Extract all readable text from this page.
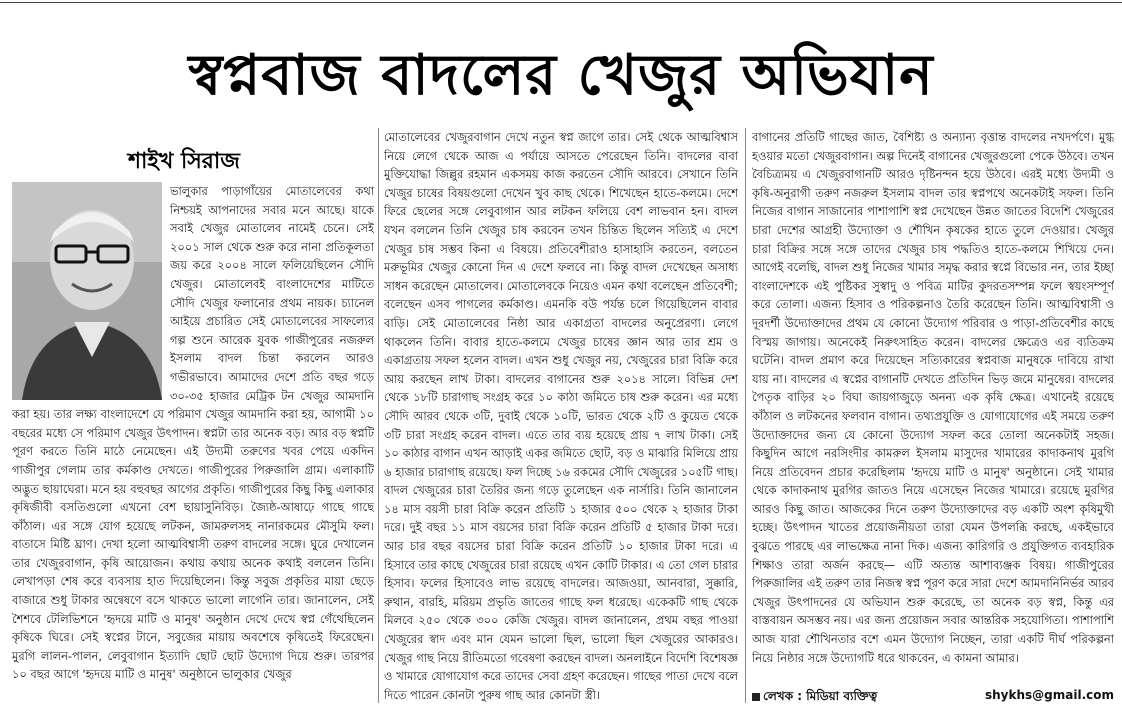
স্বপ্নবাজ বাদলের খেজুর অভিযান
শাইখ সিরাজ

ভালুকার পাড়াগাঁয়ের মোতালেবের কথা নিশ্চয়ই আপনাদের সবার মনে আছে। যাকে সবাই খেজুর মোতালেব নামেই চেনে। সেই ২০০১ সাল থেকে শুরু করে নানা প্রতিকূলতা জয় করে ২০০৪ সালে ফলিয়েছিলেন সৌদি খেজুর। মোতালেবই বাংলাদেশের মাটিতে সৌদি খেজুর ফলানোর প্রথম নায়ক। চ্যানেল আইয়ে প্রচারিত সেই মোতালেবের সাফল্যের গল্প শুনে আরেক যুবক গাজীপুরের নজরুল ইসলাম বাদল চিন্তা করলেন আরও গভীরভাবে। আমাদের দেশে প্রতি বছর গড়ে ৩০-৩৫ হাজার মেট্রিক টন খেজুর আমদানি করা হয়। তার লক্ষ্য বাংলাদেশে যে পরিমাণ খেজুর আমদানি করা হয়, আগামী ১০ বছরের মধ্যে সে পরিমাণ খেজুর উৎপাদন। স্বপ্নটা তার অনেক বড়। আর বড় স্বপ্নটি পূরণ করতে তিনি মাঠে নেমেছেন। এই উদ্যমী তরুণের খবর পেয়ে একদিন গাজীপুর গেলাম তার কর্মকাণ্ড দেখতে। গাজীপুরের পিরুজালি গ্রাম। এলাকাটি অদ্ভুত ছায়াঘেরা। মনে হয় বহুবছর আগের প্রকৃতি। গাজীপুরের কিছু কিছু এলাকার কৃষিজীবী বসতিগুলো এখনো বেশ ছায়াসুনিবিড়। জ্যৈষ্ঠ-আষাঢ়ে গাছে গাছে কাঁঠাল। এর সঙ্গে যোগ হয়েছে লটকন, জামরুলসহ নানারকমের মৌসুমি ফল। বাতাসে মিষ্টি ঘ্রাণ। দেখা হলো আত্মবিশ্বাসী তরুণ বাদলের সঙ্গে। ঘুরে দেখালেন তার খেজুরবাগান, কৃষি আয়োজন। কথায় কথায় অনেক কথাই বললেন তিনি। লেখাপড়া শেষ করে ব্যবসায় হাত দিয়েছিলেন। কিন্তু সবুজ প্রকৃতির মায়া ছেড়ে বাজারে শুধু টাকার অন্বেষণে বসে থাকতে ভালো লাগেনি তার। জানালেন, সেই শৈশবে টেলিভিশনে 'হৃদয়ে মাটি ও মানুষ' অনুষ্ঠান দেখে দেখে স্বপ্ন গেঁথেছিলেন কৃষিকে ঘিরে। সেই স্বপ্নের টানে, সবুজের মায়ায় অবশেষে কৃষিতেই ফিরেছেন। মুরগি লালন-পালন, লেবুবাগান ইত্যাদি ছোট ছোট উদ্যোগ দিয়ে শুরু। তারপর ১০ বছর আগে 'হৃদয়ে মাটি ও মানুষ' অনুষ্ঠানে ভালুকার খেজুর

মোতালেবের খেজুরবাগান দেখে নতুন স্বপ্ন জাগে তার। সেই থেকে আত্মবিশ্বাস নিয়ে লেগে থেকে আজ এ পর্যায়ে আসতে পেরেছেন তিনি। বাদলের বাবা মুক্তিযোদ্ধা জিল্লুর রহমান একসময় কাজ করতেন সৌদি আরবে। সেখানে তিনি খেজুর চাষের বিষয়গুলো দেখেন খুব কাছ থেকে। শিখেছেন হাতে-কলমে। দেশে ফিরে ছেলের সঙ্গে লেবুবাগান আর লটকন ফলিয়ে বেশ লাভবান হন। বাদল যখন বললেন তিনি খেজুর চাষ করবেন তখন চিন্তিত ছিলেন সত্যিই এ দেশে খেজুর চাষ সম্ভব কিনা এ বিষয়ে। প্রতিবেশীরাও হাসাহাসি করতেন, বলতেন মরুভূমির খেজুর কোনো দিন এ দেশে ফলবে না। কিন্তু বাদল দেখেছেন অসাধ্য সাধন করেছেন মোতালেব। মোতালেবকে নিয়েও এমন কথা বলেছেন প্রতিবেশী; বলেছেন এসব পাগলের কর্মকাণ্ড। এমনকি বউ পর্যন্ত চলে গিয়েছিলেন বাবার বাড়ি। সেই মোতালেবের নিষ্ঠা আর একাগ্রতা বাদলের অনুপ্রেরণা। লেগে থাকলেন তিনি। বাবার হাতে-কলমে খেজুর চাষের জ্ঞান আর তার শ্রম ও একাগ্রতায় সফল হলেন বাদল। এখন শুধু খেজুর নয়, খেজুরের চারা বিক্রি করে আয় করছেন লাখ টাকা। বাদলের বাগানের শুরু ২০১৪ সালে। বিভিন্ন দেশ থেকে ১৮টি চারাগাছ সংগ্রহ করে ১০ কাঠা জমিতে চাষ শুরু করেন। এর মধ্যে সৌদি আরব থেকে ৩টি, দুবাই থেকে ১০টি, ভারত থেকে ২টি ও কুয়েত থেকে ৩টি চারা সংগ্রহ করেন বাদল। এতে তার ব্যয় হয়েছে প্রায় ৭ লাখ টাকা। সেই ১০ কাঠার বাগান এখন আড়াই একর জমিতে ছোট, বড় ও মাঝারি মিলিয়ে প্রায় ৬ হাজার চারাগাছ রয়েছে। ফল দিচ্ছে ১৬ রকমের সৌদি খেজুরের ১০৫টি গাছ। বাদল খেজুরের চারা তৈরির জন্য গড়ে তুলেছেন এক নার্সারি। তিনি জানালেন ১৪ মাস বয়সী চারা বিক্রি করেন প্রতিটি ১ হাজার ৫০০ থেকে ২ হাজার টাকা দরে। দুই বছর ১১ মাস বয়সের চারা বিক্রি করেন প্রতিটি ৫ হাজার টাকা দরে। আর চার বছর বয়সের চারা বিক্রি করেন প্রতিটি ১০ হাজার টাকা দরে। এ হিসাবে তার কাছে খেজুরের চারা রয়েছে এখন কোটি টাকার। এ তো গেল চারার হিসাব। ফলের হিসাবেও লাভ রয়েছে বাদলের। আজওয়া, আনবারা, সুক্কারি, রুথান, বারহি, মরিয়ম প্রভৃতি জাতের গাছে ফল ধরেছে। একেকটি গাছ থেকে মিলবে ২৫০ থেকে ৩০০ কেজি খেজুর। বাদল জানালেন, প্রথম বছর পাওয়া খেজুরের স্বাদ এবং মান যেমন ভালো ছিল, ভালো ছিল খেজুরের আকারও। খেজুর গাছ নিয়ে রীতিমতো গবেষণা করছেন বাদল। অনলাইনে বিদেশি বিশেষজ্ঞ ও খামারে যোগাযোগ করে তাদের সেবা গ্রহণ করেছেন। গাছের পাতা দেখে বলে দিতে পারেন কোনটা পুরুষ গাছ আর কোনটা স্ত্রী।

বাগানের প্রতিটি গাছের জাত, বৈশিষ্ট্য ও অন্যান্য বৃত্তান্ত বাদলের নখদর্পণে। মুগ্ধ হওয়ার মতো খেজুরবাগান। অল্প দিনেই বাগানের খেজুরগুলো পেকে উঠবে। তখন বৈচিত্র্যময় এ খেজুরবাগানটি আরও দৃষ্টিনন্দন হয়ে উঠবে। এরই মধ্যে উদ্যমী ও কৃষি-অনুরাগী তরুণ নজরুল ইসলাম বাদল তার স্বপ্নপথে অনেকটাই সফল। তিনি নিজের বাগান সাজানোর পাশাপাশি স্বপ্ন দেখেছেন উন্নত জাতের বিদেশি খেজুরের চারা দেশের আগ্রহী উদ্যোক্তা ও শৌখিন কৃষকের হাতে তুলে দেওয়ার। খেজুর চারা বিক্রির সঙ্গে সঙ্গে তাদের খেজুর চাষ পদ্ধতিও হাতে-কলমে শিখিয়ে দেন। আগেই বলেছি, বাদল শুধু নিজের খামার সমৃদ্ধ করার স্বপ্নে বিভোর নন, তার ইচ্ছা বাংলাদেশকে এই পুষ্টিকর সুস্বাদু ও পবিত্র মাটির কুদরতসম্পন্ন ফলে স্বয়ংসম্পূর্ণ করে তোলা। এজন্য হিসাব ও পরিকল্পনাও তৈরি করেছেন তিনি। আত্মবিশ্বাসী ও দূরদর্শী উদ্যোক্তাদের প্রথম যে কোনো উদ্যোগ পরিবার ও পাড়া-প্রতিবেশীর কাছে বিস্ময় জাগায়। অনেকেই নিরুৎসাহিত করেন। বাদলের ক্ষেত্রেও এর ব্যতিক্রম ঘটেনি। বাদল প্রমাণ করে দিয়েছেন সত্যিকারের স্বপ্নবাজ মানুষকে দাবিয়ে রাখা যায় না। বাদলের এ স্বপ্নের বাগানটি দেখতে প্রতিদিন ভিড় জমে মানুষের। বাদলের পৈতৃক বাড়ির ২০ বিঘা জায়গাজুড়ে অনন্য এক কৃষি ক্ষেত্র। এখানেই রয়েছে কাঁঠাল ও লটকনের ফলবান বাগান। তথ্যপ্রযুক্তি ও যোগাযোগের এই সময়ে তরুণ উদ্যোক্তাদের জন্য যে কোনো উদ্যোগ সফল করে তোলা অনেকটাই সহজ। কিছুদিন আগে নরসিংদীর কামরুল ইসলাম মাসুদের খামারের কাদাকনাথ মুরগি নিয়ে প্রতিবেদন প্রচার করেছিলাম 'হৃদয়ে মাটি ও মানুষ' অনুষ্ঠানে। সেই খামার থেকে কাদাকনাথ মুরগির জাতও নিয়ে এসেছেন নিজের খামারে। রয়েছে মুরগির আরও কিছু জাত। আজকের দিনে তরুণ উদ্যোক্তাদের বড় একটি অংশ কৃষিমুখী হচ্ছে। উৎপাদন খাতের প্রয়োজনীয়তা তারা যেমন উপলব্ধি করছে, একইভাবে বুঝতে পারছে এর লাভক্ষেত্র নানা দিক। এজন্য কারিগরি ও প্রযুক্তিগত ব্যবহারিক শিক্ষাও তারা অর্জন করছে— এটি অত্যন্ত আশাব্যঞ্জক বিষয়। গাজীপুরের পিরুজালির এই তরুণ তার নিজস্ব স্বপ্ন পূরণ করে সারা দেশে আমদানিনির্ভর আরব খেজুর উৎপাদনের যে অভিযান শুরু করেছে, তা অনেক বড় স্বপ্ন, কিন্তু এর বাস্তবায়ন অসম্ভব নয়। এর জন্য প্রয়োজন সবার আন্তরিক সহযোগিতা। পাশাপাশি আজ যারা শৌখিনতার বশে এমন উদ্যোগ নিচ্ছেন, তারা একটি দীর্ঘ পরিকল্পনা নিয়ে নিষ্ঠার সঙ্গে উদ্যোগটি ধরে থাকবেন, এ কামনা আমার।

লেখক : মিডিয়া ব্যক্তিত্ব	shykhs@gmail.com
